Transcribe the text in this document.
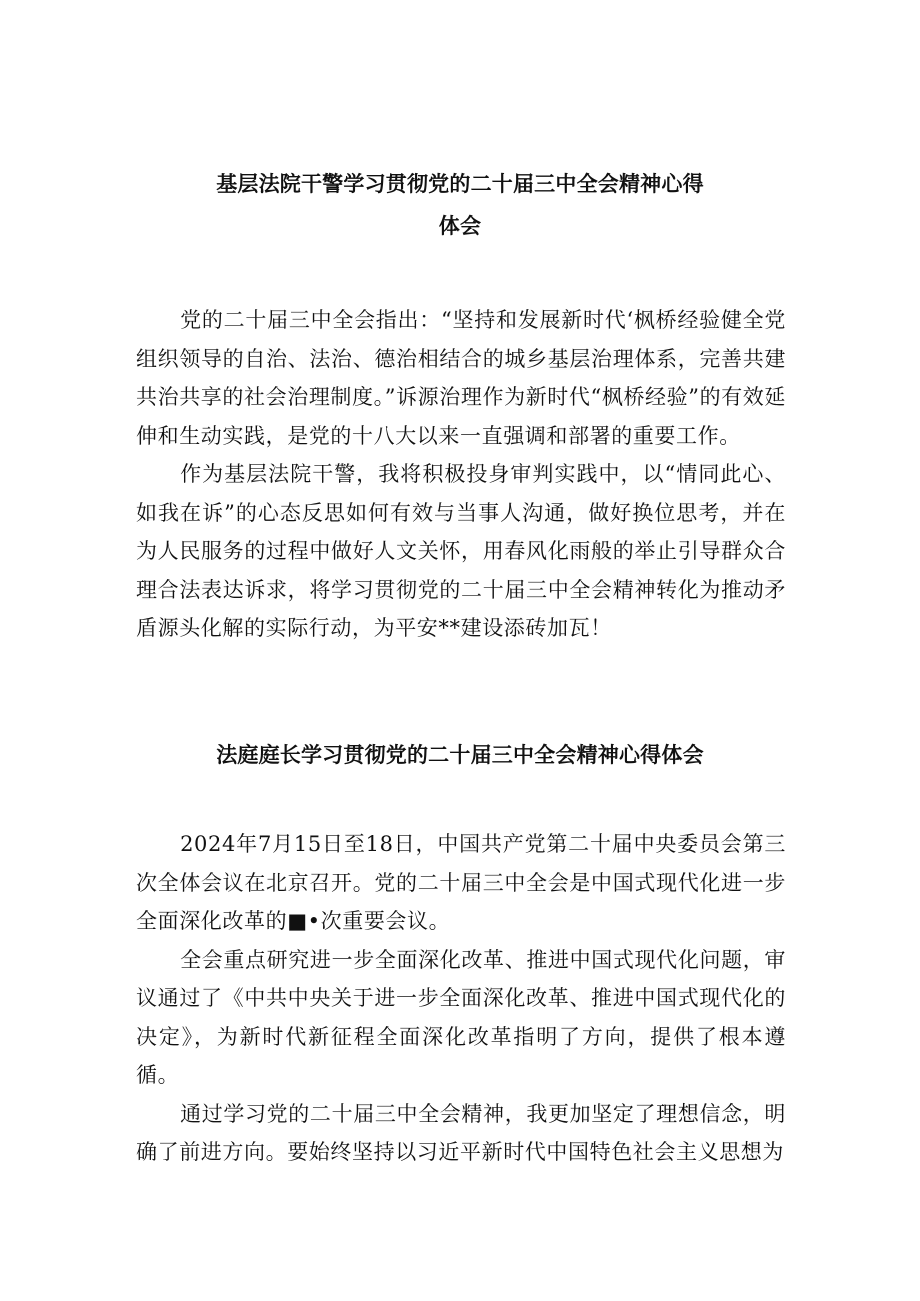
基层法院干警学习贯彻党的二十届三中全会精神心得
体会

党的二十届三中全会指出：“坚持和发展新时代‘枫桥经验健全党组织领导的自治、法治、德治相结合的城乡基层治理体系，完善共建共治共享的社会治理制度。”诉源治理作为新时代“枫桥经验”的有效延伸和生动实践，是党的十八大以来一直强调和部署的重要工作。

作为基层法院干警，我将积极投身审判实践中，以“情同此心、如我在诉”的心态反思如何有效与当事人沟通，做好换位思考，并在为人民服务的过程中做好人文关怀，用春风化雨般的举止引导群众合理合法表达诉求，将学习贯彻党的二十届三中全会精神转化为推动矛盾源头化解的实际行动，为平安**建设添砖加瓦！

法庭庭长学习贯彻党的二十届三中全会精神心得体会

2024年7月15日至18日，中国共产党第二十届中央委员会第三次全体会议在北京召开。党的二十届三中全会是中国式现代化进一步全面深化改革的■•次重要会议。

全会重点研究进一步全面深化改革、推进中国式现代化问题，审议通过了《中共中央关于进一步全面深化改革、推进中国式现代化的决定》，为新时代新征程全面深化改革指明了方向，提供了根本遵循。

通过学习党的二十届三中全会精神，我更加坚定了理想信念，明确了前进方向。要始终坚持以习近平新时代中国特色社会主义思想为
